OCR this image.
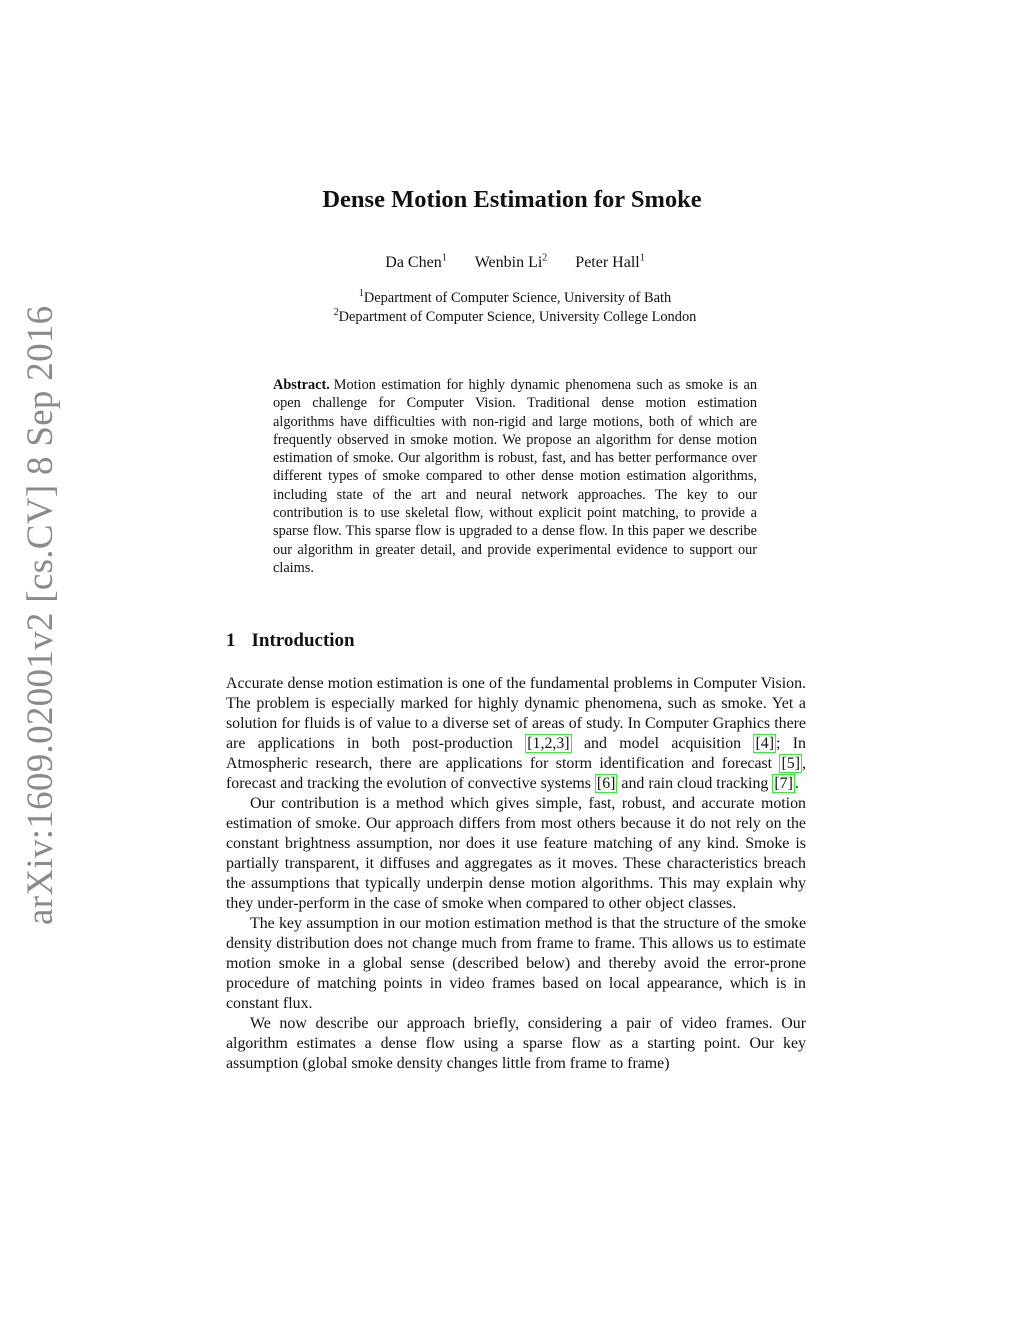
arXiv:1609.02001v2 [cs.CV] 8 Sep 2016
Dense Motion Estimation for Smoke
Da Chen$^1$ Wenbin Li$^2$ Peter Hall$^1$
$^1$Department of Computer Science, University of Bath
$^2$Department of Computer Science, University College London

Abstract. Motion estimation for highly dynamic phenomena such as smoke is an open challenge for Computer Vision. Traditional dense motion estimation algorithms have difficulties with non-rigid and large motions, both of which are frequently observed in smoke motion. We propose an algorithm for dense motion estimation of smoke. Our algorithm is robust, fast, and has better performance over different types of smoke compared to other dense motion estimation algorithms, including state of the art and neural network approaches. The key to our contribution is to use skeletal flow, without explicit point matching, to provide a sparse flow. This sparse flow is upgraded to a dense flow. In this paper we describe our algorithm in greater detail, and provide experimental evidence to support our claims.

1 Introduction

Accurate dense motion estimation is one of the fundamental problems in Computer Vision. The problem is especially marked for highly dynamic phenomena, such as smoke. Yet a solution for fluids is of value to a diverse set of areas of study. In Computer Graphics there are applications in both post-production [1,2,3] and model acquisition [4] ; In Atmospheric research, there are applications for storm identification and forecast [5] , forecast and tracking the evolution of convective systems [6] and rain cloud tracking [7] .

Our contribution is a method which gives simple, fast, robust, and accurate motion estimation of smoke. Our approach differs from most others because it do not rely on the constant brightness assumption, nor does it use feature matching of any kind. Smoke is partially transparent, it diffuses and aggregates as it moves. These characteristics breach the assumptions that typically underpin dense motion algorithms. This may explain why they under-perform in the case of smoke when compared to other object classes.

The key assumption in our motion estimation method is that the structure of the smoke density distribution does not change much from frame to frame. This allows us to estimate motion smoke in a global sense (described below) and thereby avoid the error-prone procedure of matching points in video frames based on local appearance, which is in constant flux.

We now describe our approach briefly, considering a pair of video frames. Our algorithm estimates a dense flow using a sparse flow as a starting point. Our key assumption (global smoke density changes little from frame to frame)
